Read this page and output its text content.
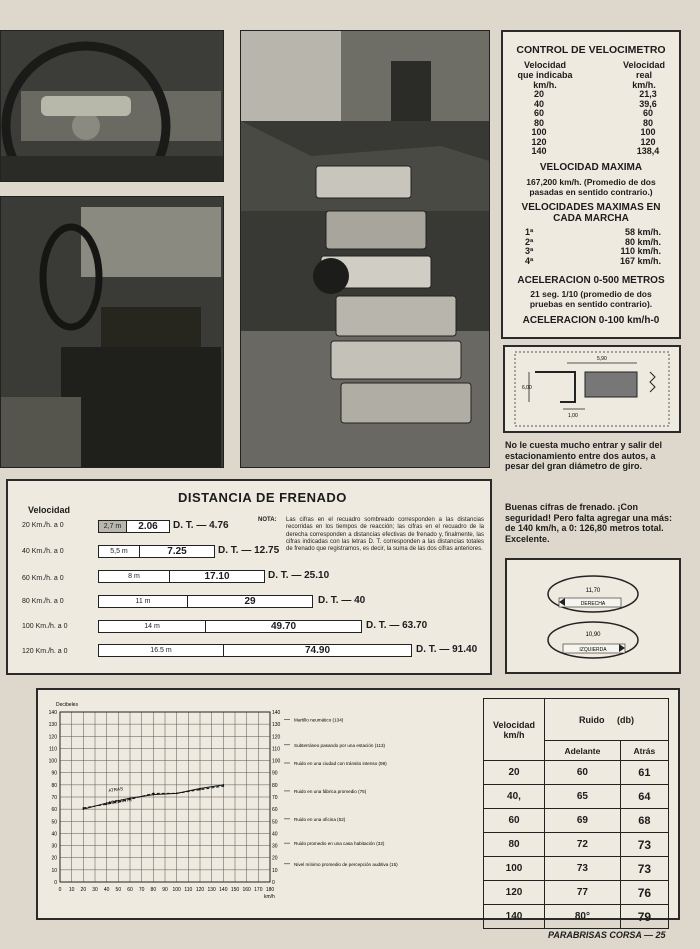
CONTROL DE VELOCIMETRO
Velocidad
que indicaba
km/h.
Velocidad
real
km/h.
20	21,3
40	39,6
60	60
80	80
100	100
120	120
140	138,4
VELOCIDAD MAXIMA
167,200 km/h. (Promedio de dos pasadas en sentido contrario.)
VELOCIDADES MAXIMAS EN CADA MARCHA
1ª	58 km/h.
2ª	80 km/h.
3ª	110 km/h.
4ª	167 km/h.
ACELERACION 0-500 METROS
21 seg. 1/10 (promedio de dos pruebas en sentido contrario).
ACELERACION 0-100 km/h-0
5,90
6,00
1,00
No le cuesta mucho entrar y salir del estacionamiento entre dos autos, a pesar del gran diámetro de giro.
Buenas cifras de frenado. ¡Con seguridad! Pero falta agregar una más: de 140 km/h, a 0: 126,80 metros total. Excelente.
11,70
DERECHA
10,90
IZQUIERDA
Velocidad
DISTANCIA DE FRENADO
NOTA: Las cifras en el recuadro sombreado corresponden a las distancias recorridas en los tiempos de reacción; las cifras en el recuadro de la derecha corresponden a distancias efectivas de frenado y, finalmente, las cifras indicadas con las letras D. T. corresponden a las distancias totales de frenado que registramos, es decir, la suma de las dos cifras anteriores.
20 Km./h. a 0	2,7 m	2.06	D. T. — 4.76
40 Km./h. a 0	5,5 m	7.25	D. T. — 12.75
60 Km./h. a 0	8 m	17.10	D. T. — 25.10
80 Km./h. a 0	11 m	29	D. T. — 40
100 Km./h. a 0	14 m	49.70	D. T. — 63.70
120 Km./h. a 0	16.5 m	74.90	D. T. — 91.40
0 10 20 30 40 50 60 70 80 90 100 110 120 130 140 150 160 170 180
0	0
10	10
20	20
30	30
40	40
50	50
60	60
70	70
80	80
90	90
100	100
110	110
120	120
130	130
140	140
Decibeles
km/h
ATRAS
ADELANTE
Martillo neumático (134)
Subterráneo pasando por una estación (113)
Ruido en una ciudad con tránsito intenso (98)
Ruido en una fábrica promedio (75)
Ruido en una oficina (52)
Ruido promedio en una casa habitación (32)
Nivel mínimo promedio de percepción auditiva (15)
Velocidad km/h	Ruido (db)	
	Adelante	Atrás
20	60	61
40,	65	64
60	69	68
80	72	73
100	73	73
120	77	76
140	80°	79
PARABRISAS CORSA — 25
